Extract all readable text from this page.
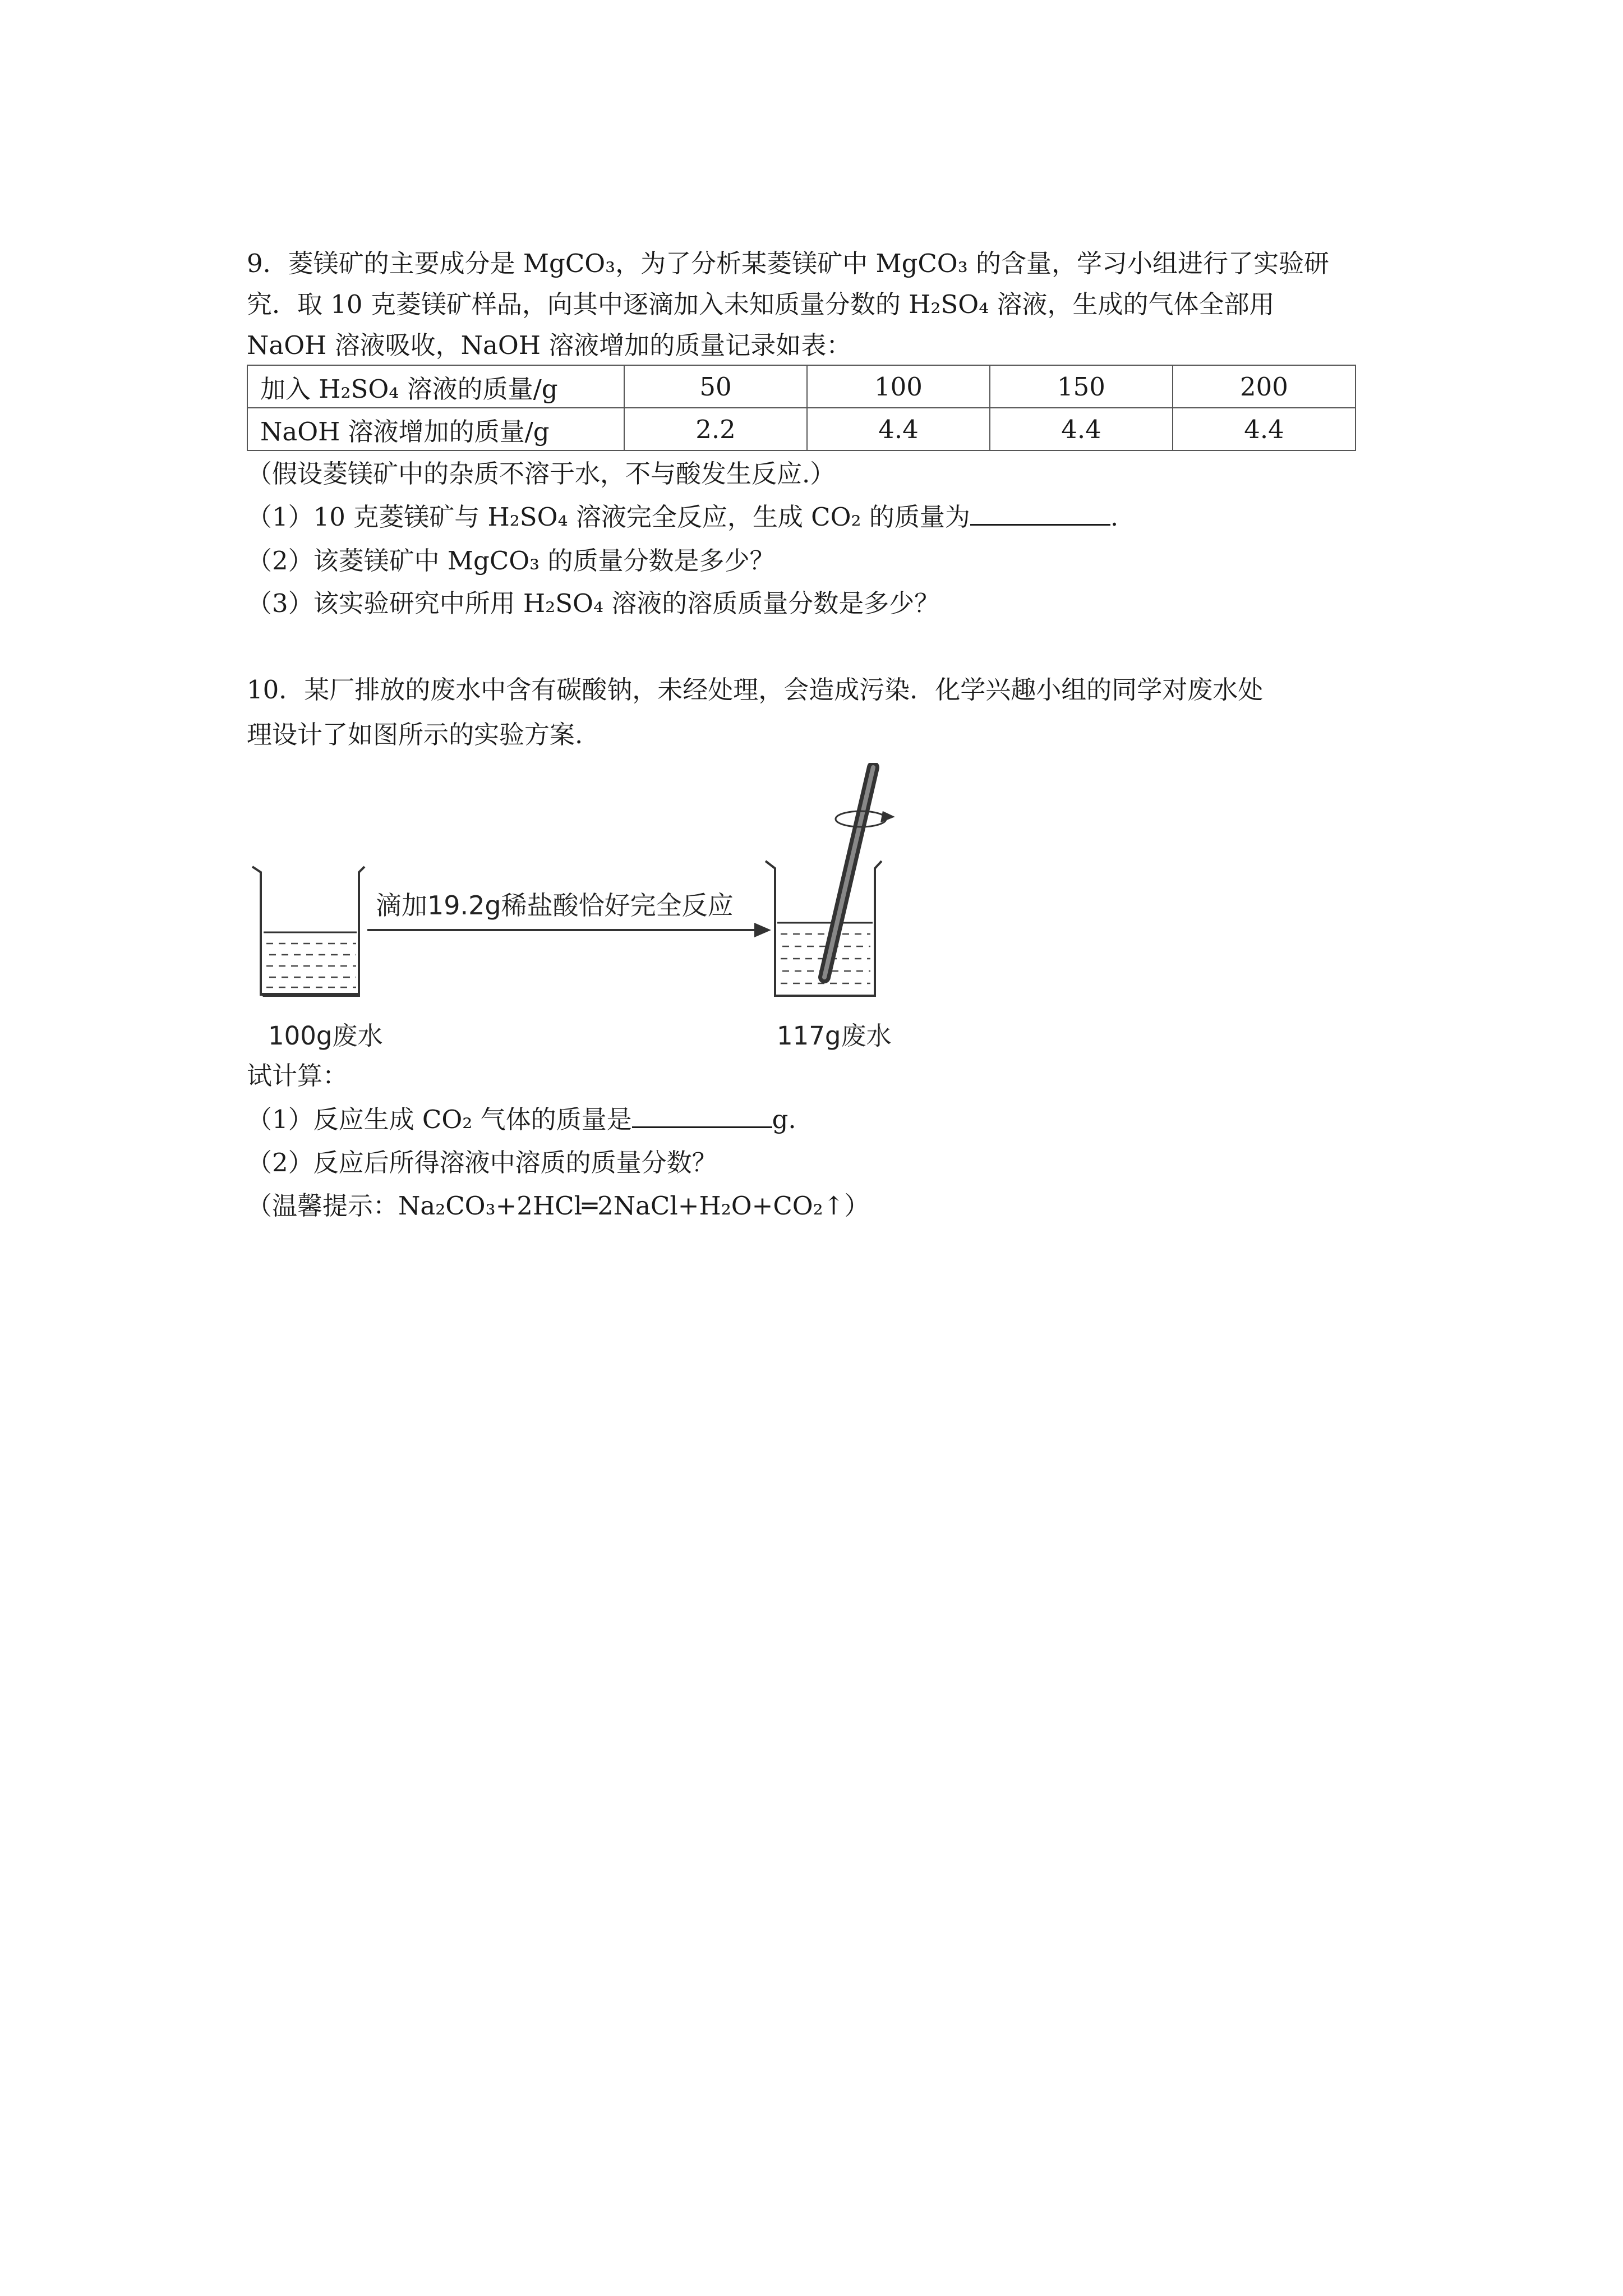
9．菱镁矿的主要成分是 MgCO₃，为了分析某菱镁矿中 MgCO₃ 的含量，学习小组进行了实验研
究．取 10 克菱镁矿样品，向其中逐滴加入未知质量分数的 H₂SO₄ 溶液，生成的气体全部用
NaOH 溶液吸收，NaOH 溶液增加的质量记录如表：
加入 H₂SO₄ 溶液的质量/g	50	100	150	200
NaOH 溶液增加的质量/g	2.2	4.4	4.4	4.4
（假设菱镁矿中的杂质不溶于水，不与酸发生反应.）
（1）10 克菱镁矿与 H₂SO₄ 溶液完全反应，生成 CO₂ 的质量为	.
（2）该菱镁矿中 MgCO₃ 的质量分数是多少？
（3）该实验研究中所用 H₂SO₄ 溶液的溶质质量分数是多少？
10．某厂排放的废水中含有碳酸钠，未经处理，会造成污染．化学兴趣小组的同学对废水处
理设计了如图所示的实验方案.
滴加19.2g稀盐酸恰好完全反应
100g废水	117g废水
试计算：
（1）反应生成 CO₂ 气体的质量是	g.
（2）反应后所得溶液中溶质的质量分数？
（温馨提示：Na₂CO₃+2HCl═2NaCl+H₂O+CO₂↑）
